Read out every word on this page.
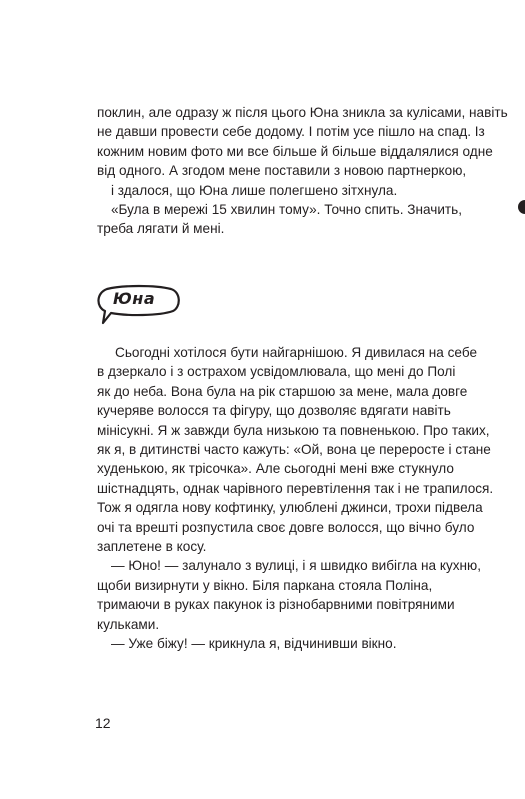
поклин, але одразу ж після цього Юна зникла за кулісами, навіть
не давши провести себе додому. І потім усе пішло на спад. Із
кожним новим фото ми все більше й більше віддалялися одне
від одного. А згодом мене поставили з новою партнеркою,
і здалося, що Юна лише полегшено зітхнула.
«Була в мережі 15 хвилин тому». Точно спить. Значить,
треба лягати й мені.
Юна
Сьогодні хотілося бути найгарнішою. Я дивилася на себе
в дзеркало і з острахом усвідомлювала, що мені до Полі
як до неба. Вона була на рік старшою за мене, мала довге
кучеряве волосся та фігуру, що дозволяє вдягати навіть
мінісукні. Я ж завжди була низькою та повненькою. Про таких,
як я, в дитинстві часто кажуть: «Ой, вона це переросте і стане
худенькою, як трісочка». Але сьогодні мені вже стукнуло
шістнадцять, однак чарівного перевтілення так і не трапилося.
Тож я одягла нову кофтинку, улюблені джинси, трохи підвела
очі та врешті розпустила своє довге волосся, що вічно було
заплетене в косу.
— Юно! — залунало з вулиці, і я швидко вибігла на кухню,
щоби визирнути у вікно. Біля паркана стояла Поліна,
тримаючи в руках пакунок із різнобарвними повітряними
кульками.
— Уже біжу! — крикнула я, відчинивши вікно.
12
